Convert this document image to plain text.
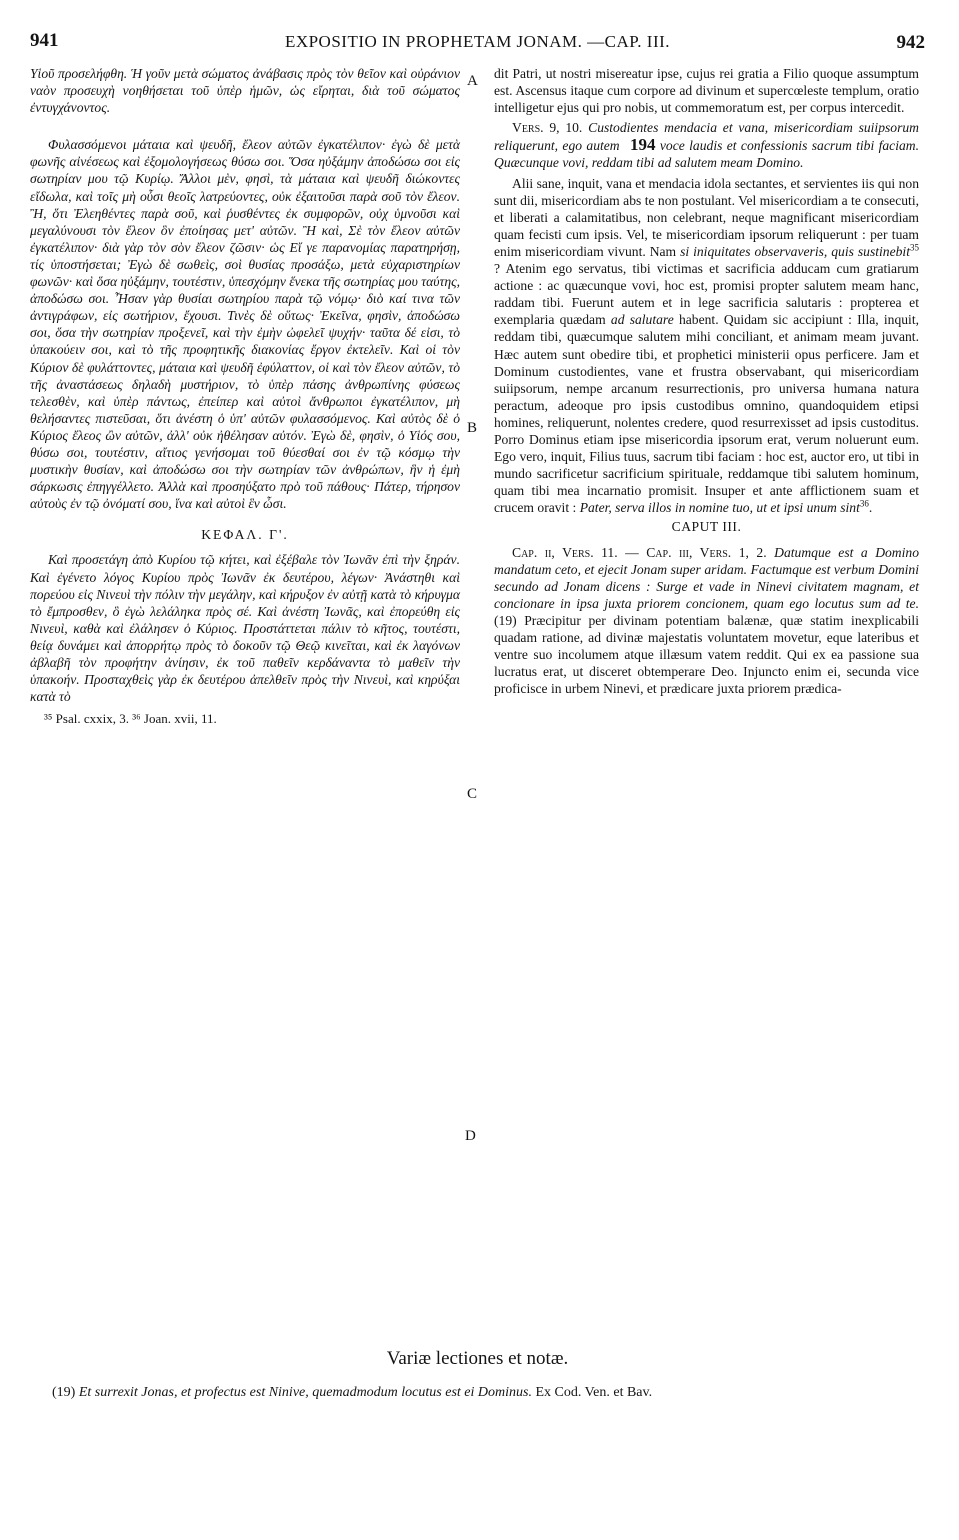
941	EXPOSITIO IN PROPHETAM JONAM. —CAP. III.	942
A
B
C
D

Υἱοῦ προσελήφθη. Ἡ γοῦν μετὰ σώματος ἀνάβασις πρὸς τὸν θεῖον καὶ οὐράνιον ναὸν προσευχὴ νοηθήσεται τοῦ ὑπὲρ ἡμῶν, ὡς εἴρηται, διὰ τοῦ σώματος ἐντυγχάνοντος.

Φυλασσόμενοι μάταια καὶ ψευδῆ, ἔλεον αὐτῶν ἐγκατέλιπον· ἐγὼ δὲ μετὰ φωνῆς αἰνέσεως καὶ ἐξομολογήσεως θύσω σοι. Ὅσα ηὐξάμην ἀποδώσω σοι εἰς σωτηρίαν μου τῷ Κυρίῳ. Ἄλλοι μὲν, φησὶ, τὰ μάταια καὶ ψευδῆ διώκοντες εἴδωλα, καὶ τοῖς μὴ οὖσι θεοῖς λατρεύοντες, οὐκ ἐξαιτοῦσι παρὰ σοῦ τὸν ἔλεον. Ἢ, ὅτι Ἐλεηθέντες παρὰ σοῦ, καὶ ῥυσθέντες ἐκ συμφορῶν, οὐχ ὑμνοῦσι καὶ μεγαλύνουσι τὸν ἔλεον ὃν ἐποίησας μετ' αὐτῶν. Ἢ καὶ, Σὲ τὸν ἔλεον αὐτῶν ἐγκατέλιπον· διὰ γὰρ τὸν σὸν ἔλεον ζῶσιν· ὡς Εἴ γε παρανομίας παρατηρήσῃ, τίς ὑποστήσεται; Ἐγὼ δὲ σωθεὶς, σοὶ θυσίας προσάξω, μετὰ εὐχαριστηρίων φωνῶν· καὶ ὅσα ηὐξάμην, τουτέστιν, ὑπεσχόμην ἕνεκα τῆς σωτηρίας μου ταύτης, ἀποδώσω σοι. Ἦσαν γὰρ θυσίαι σωτηρίου παρὰ τῷ νόμῳ· διὸ καί τινα τῶν ἀντιγράφων, εἰς σωτήριον, ἔχουσι. Τινὲς δὲ οὕτως· Ἐκεῖνα, φησὶν, ἀποδώσω σοι, ὅσα τὴν σωτηρίαν προξενεῖ, καὶ τὴν ἐμὴν ὠφελεῖ ψυχήν· ταῦτα δέ εἰσι, τὸ ὑπακούειν σοι, καὶ τὸ τῆς προφητικῆς διακονίας ἔργον ἐκτελεῖν. Καὶ οἱ τὸν Κύριον δὲ φυλάττοντες, μάταια καὶ ψευδῆ ἐφύλαττον, οἱ καὶ τὸν ἔλεον αὐτῶν, τὸ τῆς ἀναστάσεως δηλαδὴ μυστήριον, τὸ ὑπὲρ πάσης ἀνθρωπίνης φύσεως τελεσθὲν, καὶ ὑπὲρ πάντως, ἐπείπερ καὶ αὐτοὶ ἄνθρωποι ἐγκατέλιπον, μὴ θελήσαντες πιστεῦσαι, ὅτι ἀνέστη ὁ ὑπ' αὐτῶν φυλασσόμενος. Καὶ αὐτὸς δὲ ὁ Κύριος ἔλεος ὢν αὐτῶν, ἀλλ' οὐκ ἠθέλησαν αὐτόν. Ἐγὼ δὲ, φησὶν, ὁ Υἱός σου, θύσω σοι, τουτέστιν, αἴτιος γενήσομαι τοῦ θύεσθαί σοι ἐν τῷ κόσμῳ τὴν μυστικὴν θυσίαν, καὶ ἀποδώσω σοι τὴν σωτηρίαν τῶν ἀνθρώπων, ἣν ἡ ἐμὴ σάρκωσις ἐπηγγέλλετο. Ἀλλὰ καὶ προσηύξατο πρὸ τοῦ πάθους· Πάτερ, τήρησον αὐτοὺς ἐν τῷ ὀνόματί σου, ἵνα καὶ αὐτοὶ ἓν ὦσι.

ΚΕΦΑΛ. Γ'.

Καὶ προσετάγη ἀπὸ Κυρίου τῷ κήτει, καὶ ἐξέβαλε τὸν Ἰωνᾶν ἐπὶ τὴν ξηράν. Καὶ ἐγένετο λόγος Κυρίου πρὸς Ἰωνᾶν ἐκ δευτέρου, λέγων· Ἀνάστηθι καὶ πορεύου εἰς Νινευὶ τὴν πόλιν τὴν μεγάλην, καὶ κήρυξον ἐν αὐτῇ κατὰ τὸ κήρυγμα τὸ ἔμπροσθεν, ὃ ἐγὼ λελάληκα πρὸς σέ. Καὶ ἀνέστη Ἰωνᾶς, καὶ ἐπορεύθη εἰς Νινευὶ, καθὰ καὶ ἐλάλησεν ὁ Κύριος. Προστάττεται πάλιν τὸ κῆτος, τουτέστι, θείᾳ δυνάμει καὶ ἀπορρήτῳ πρὸς τὸ δοκοῦν τῷ Θεῷ κινεῖται, καὶ ἐκ λαγόνων ἀβλαβῆ τὸν προφήτην ἀνίησιν, ἐκ τοῦ παθεῖν κερδάναντα τὸ μαθεῖν τὴν ὑπακοήν. Προσταχθεὶς γὰρ ἐκ δευτέρου ἀπελθεῖν πρὸς τὴν Νινευὶ, καὶ κηρύξαι κατὰ τὸ

³⁵ Psal. cxxix, 3. ³⁶ Joan. xvii, 11.

dit Patri, ut nostri misereatur ipse, cujus rei gratia a Filio quoque assumptum est. Ascensus itaque cum corpore ad divinum et supercœleste templum, oratio intelligetur ejus qui pro nobis, ut commemoratum est, per corpus intercedit.

Vers. 9, 10. Custodientes mendacia et vana, misericordiam suiipsorum reliquerunt, ego autem 194 voce laudis et confessionis sacrum tibi faciam. Quæcunque vovi, reddam tibi ad salutem meam Domino.

Alii sane, inquit, vana et mendacia idola sectantes, et servientes iis qui non sunt dii, misericordiam abs te non postulant. Vel misericordiam a te consecuti, et liberati a calamitatibus, non celebrant, neque magnificant misericordiam quam fecisti cum ipsis. Vel, te misericordiam ipsorum reliquerunt : per tuam enim misericordiam vivunt. Nam si iniquitates observaveris, quis sustinebit$^{35}$ ? Atenim ego servatus, tibi victimas et sacrificia adducam cum gratiarum actione : ac quæcunque vovi, hoc est, promisi propter salutem meam hanc, raddam tibi. Fuerunt autem et in lege sacrificia salutaris : propterea et exemplaria quædam ad salutare habent. Quidam sic accipiunt : Illa, inquit, reddam tibi, quæcumque salutem mihi conciliant, et animam meam juvant. Hæc autem sunt obedire tibi, et prophetici ministerii opus perficere. Jam et Dominum custodientes, vane et frustra observabant, qui misericordiam suiipsorum, nempe arcanum resurrectionis, pro universa humana natura peractum, adeoque pro ipsis custodibus omnino, quandoquidem etipsi homines, reliquerunt, nolentes credere, quod resurrexisset ad ipsis custoditus. Porro Dominus etiam ipse misericordia ipsorum erat, verum noluerunt eum. Ego vero, inquit, Filius tuus, sacrum tibi faciam : hoc est, auctor ero, ut tibi in mundo sacrificetur sacrificium spirituale, reddamque tibi salutem hominum, quam tibi mea incarnatio promisit. Insuper et ante afflictionem suam et crucem oravit : Pater, serva illos in nomine tuo, ut et ipsi unum sint$^{36}$.

CAPUT III.

Cap. ii, Vers. 11. — Cap. iii, Vers. 1, 2. Datumque est a Domino mandatum ceto, et ejecit Jonam super aridam. Factumque est verbum Domini secundo ad Jonam dicens : Surge et vade in Ninevi civitatem magnam, et concionare in ipsa juxta priorem concionem, quam ego locutus sum ad te. (19) Præcipitur per divinam potentiam balænæ, quæ statim inexplicabili quadam ratione, ad divinæ majestatis voluntatem movetur, eque lateribus et ventre suo incolumem atque illæsum vatem reddit. Qui ex ea passione sua lucratus erat, ut disceret obtemperare Deo. Injuncto enim ei, secunda vice proficisce in urbem Ninevi, et prædicare juxta priorem prædica-

Variæ lectiones et notæ.

(19) Et surrexit Jonas, et profectus est Ninive, quemadmodum locutus est ei Dominus. Ex Cod. Ven. et Bav.
